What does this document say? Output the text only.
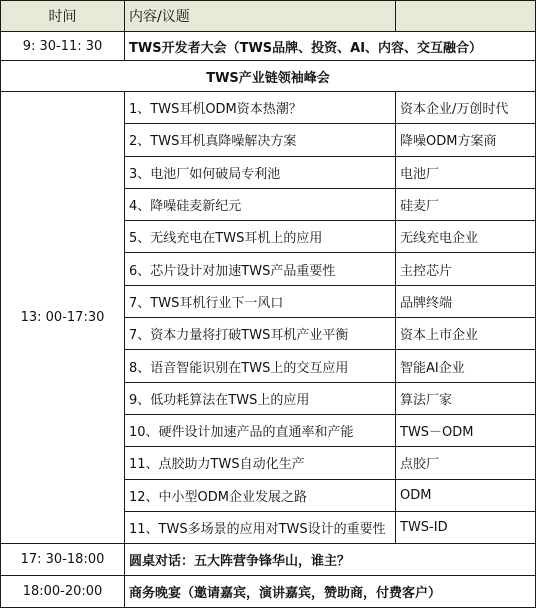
时间	内容/议题	
9: 30-11: 30	TWS开发者大会（TWS品牌、投资、AI、内容、交互融合）	
TWS产业链领袖峰会		
13: 00-17:30	1、TWS耳机ODM资本热潮？	资本企业/万创时代
	2、TWS耳机真降噪解决方案	降噪ODM方案商
	3、电池厂如何破局专利池	电池厂
	4、降噪硅麦新纪元	硅麦厂
	5、无线充电在TWS耳机上的应用	无线充电企业
	6、芯片设计对加速TWS产品重要性	主控芯片
	7、TWS耳机行业下一风口	品牌终端
	7、资本力量将打破TWS耳机产业平衡	资本上市企业
	8、语音智能识别在TWS上的交互应用	智能AI企业
	9、低功耗算法在TWS上的应用	算法厂家
	10、硬件设计加速产品的直通率和产能	TWS－ODM
	11、点胶助力TWS自动化生产	点胶厂
	12、中小型ODM企业发展之路	ODM
	11、TWS多场景的应用对TWS设计的重要性	TWS-ID
17: 30-18:00	圆桌对话：五大阵营争锋华山，谁主？	
18:00-20:00	商务晚宴（邀请嘉宾，演讲嘉宾，赞助商，付费客户）	
